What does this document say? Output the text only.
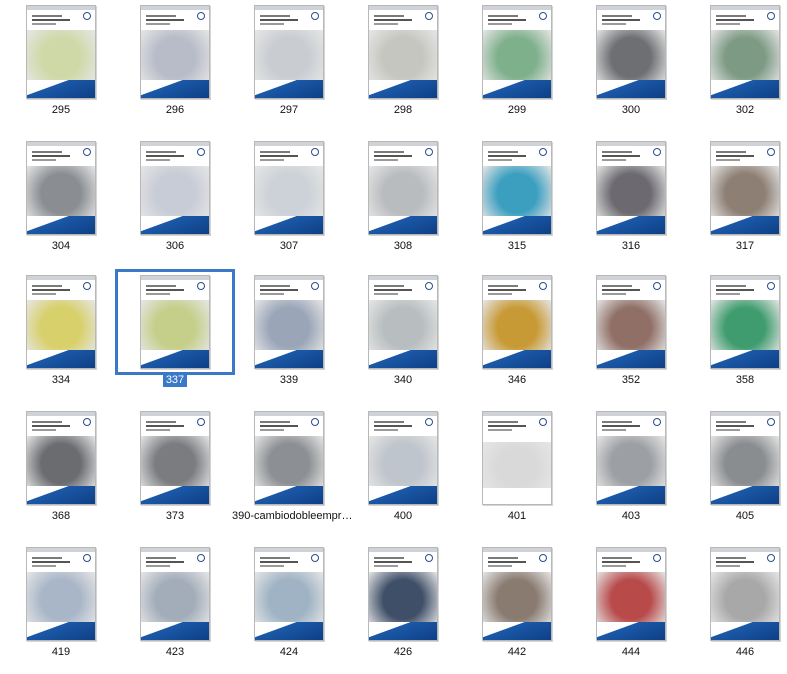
295	296	297	298	299	300	302
304	306	307	308	315	316	317
334	337	339	340	346	352	358
368	373	390-cambiodobleempr…	400	401	403	405
419	423	424	426	442	444	446
